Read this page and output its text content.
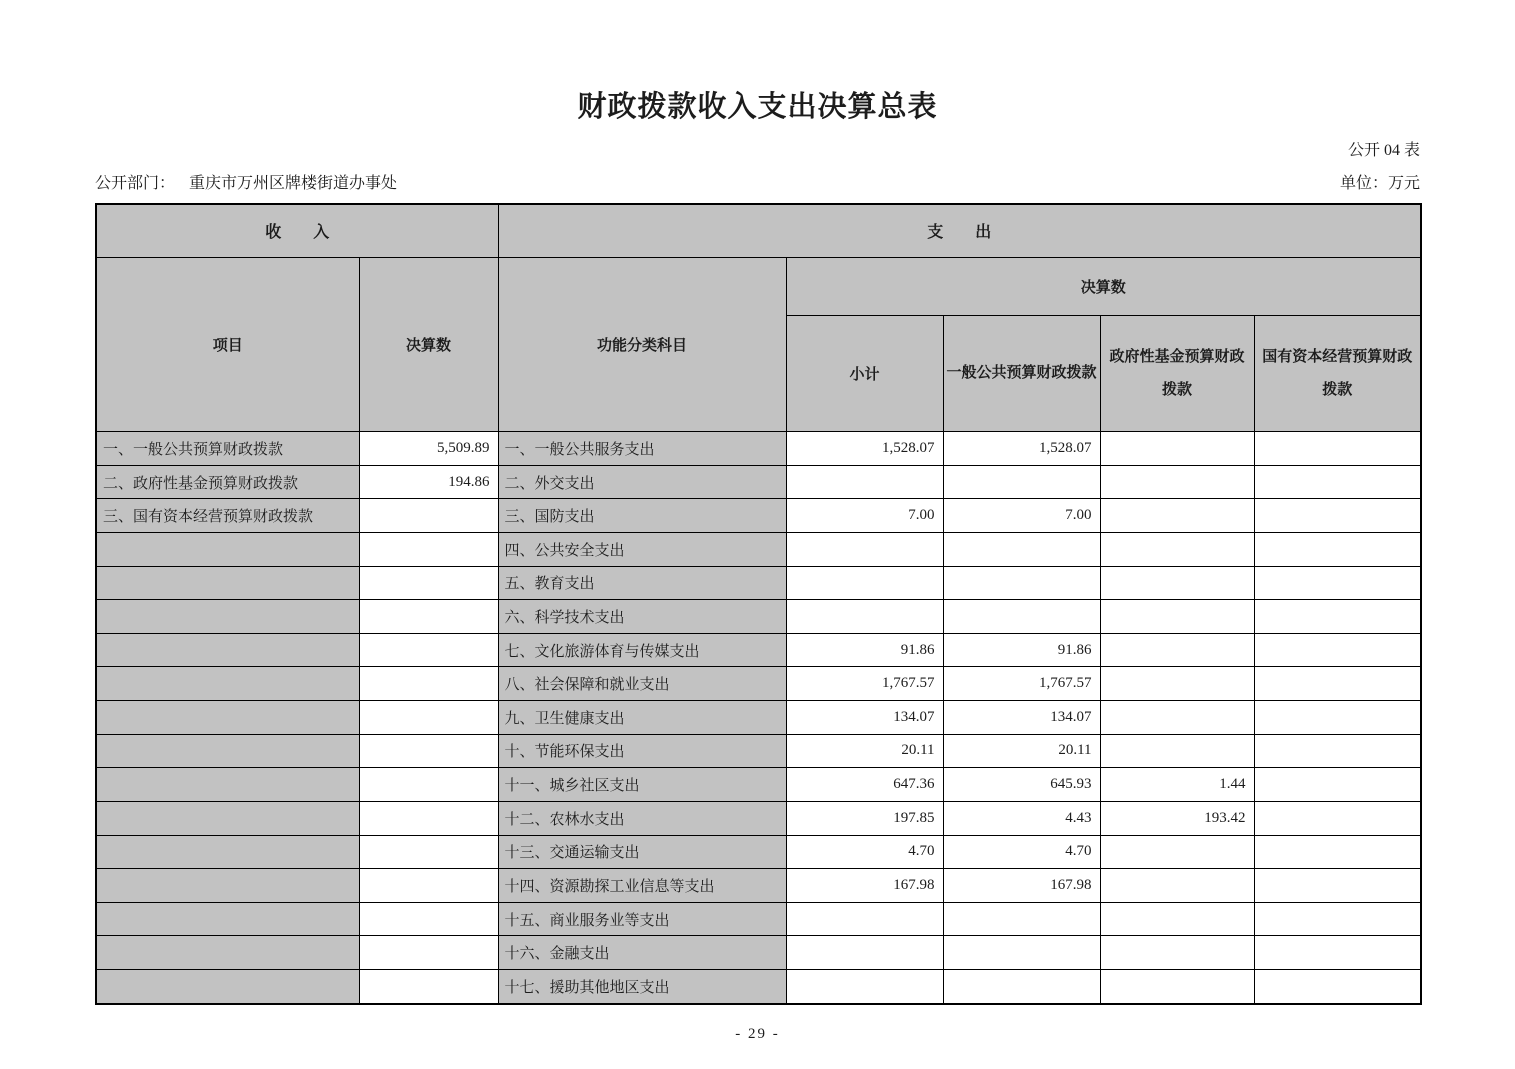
财政拨款收入支出决算总表
公开 04 表
公开部门： 重庆市万州区牌楼街道办事处	单位：万元
收　　入		支　　出				
项目	决算数	功能分类科目	决算数			
			小计	一般公共预算财政拨款	政府性基金预算财政拨款	国有资本经营预算财政拨款
一、一般公共预算财政拨款	5,509.89	一、一般公共服务支出	1,528.07	1,528.07		
二、政府性基金预算财政拨款	194.86	二、外交支出				
三、国有资本经营预算财政拨款		三、国防支出	7.00	7.00		
		四、公共安全支出				
		五、教育支出				
		六、科学技术支出				
		七、文化旅游体育与传媒支出	91.86	91.86		
		八、社会保障和就业支出	1,767.57	1,767.57		
		九、卫生健康支出	134.07	134.07		
		十、节能环保支出	20.11	20.11		
		十一、城乡社区支出	647.36	645.93	1.44	
		十二、农林水支出	197.85	4.43	193.42	
		十三、交通运输支出	4.70	4.70		
		十四、资源勘探工业信息等支出	167.98	167.98		
		十五、商业服务业等支出				
		十六、金融支出				
		十七、援助其他地区支出				
- 29 -
